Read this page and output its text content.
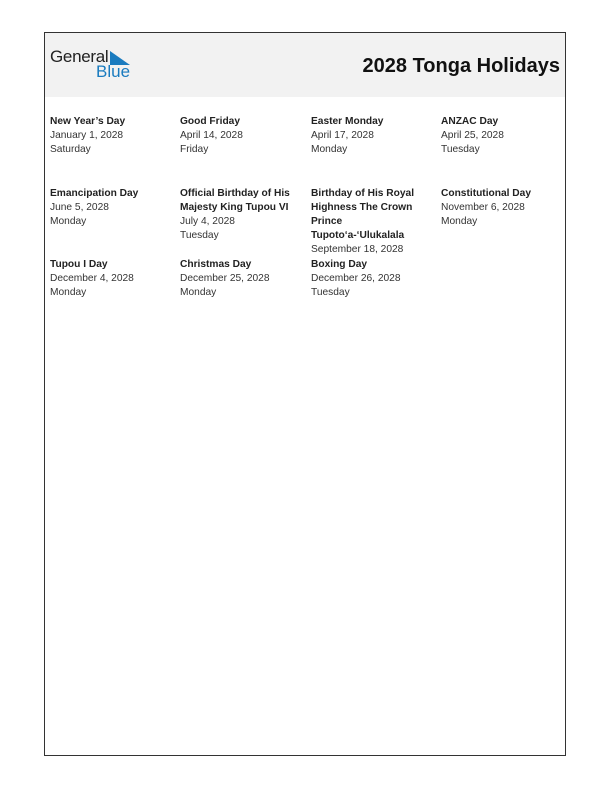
General
Blue	2028 Tonga Holidays
New Year’s Day
January 1, 2028
Saturday
Good Friday
April 14, 2028
Friday
Easter Monday
April 17, 2028
Monday
ANZAC Day
April 25, 2028
Tuesday
Emancipation Day
June 5, 2028
Monday
Official Birthday of His Majesty King Tupou VI
July 4, 2028
Tuesday
Birthday of His Royal Highness The Crown Prince Tupoto‘a-‘Ulukalala
September 18, 2028
Constitutional Day
November 6, 2028
Monday
Tupou I Day
December 4, 2028
Monday
Christmas Day
December 25, 2028
Monday
Boxing Day
December 26, 2028
Tuesday
